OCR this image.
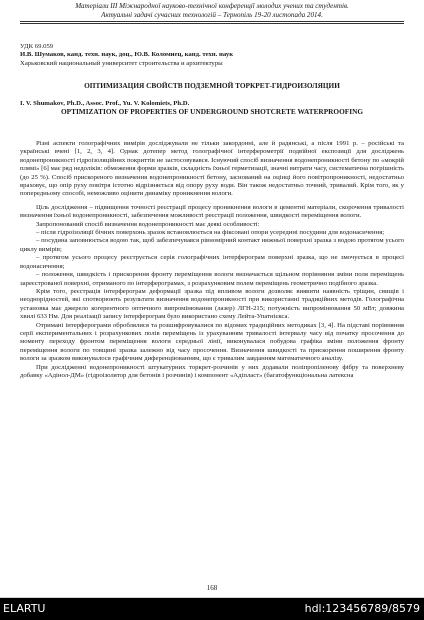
Матеріали ІІІ Міжнародної науково-технічної конференції молодих учених та студентів.
Актуальні задачі сучасних технологій – Тернопіль 19-20 листопада 2014.

УДК 69.059

И.В. Шумаков, канд. техн. наук, доц., Ю.В. Коломиец, канд. техн. наук

Харьковский национальный университет строительства и архитектуры

ОПТИМИЗАЦИЯ СВОЙСТВ ПОДЗЕМНОЙ ТОРКРЕТ-ГИДРОИЗОЛЯЦИИ

I. V. Shumakov, Ph.D., Assoc. Prof., Yu. V. Kolomiets, Ph.D.

OPTIMIZATION OF PROPERTIES OF UNDERGROUND SHOTCRETE WATERPROOFING

Різні аспекти голографічних вимірів досліджували не тільки закордонні, але й радянські, а після 1991 р. – російські та українські вчені [1, 2, 3, 4]. Однак дотепер метод голографічної інтерферометрії подвійної експозиції для досліджень водонепроникності гідроізоляційних покриттів не застосовувався. Існуючий спосіб визначення водонепроникності бетону по «мокрій плямі» [6] має ряд недоліків: обмеження форми зразків, складність їхньої герметизації, значні витрати часу, систематична погрішність (до 25 %). Спосіб прискореного визначення водонепроникності бетону, заснований на оцінці його повітропроникності, недостатньо враховує, що опір руху повітря істотно відрізняється від опору руху води. Він також недостатньо точний, тривалий. Крім того, як у попередньому способі, неможливо оцінити динаміку проникнення вологи.

Ціль дослідження – підвищення точності реєстрації процесу проникнення вологи в цементні матеріали, скорочення тривалості визначення їхньої водонепроникності, забезпечення можливості реєстрації положення, швидкості переміщення вологи.

Запропонований спосіб визначення водонепроникності має деякі особливості:

– після гідроізоляції бічних поверхонь зразок встановлюється на фіксовані опори усередині посудини для водонасичення;

– посудина заповнюється водою так, щоб забезпечувався рівномірний контакт нижньої поверхні зразка з водою протягом усього циклу вимірів;

– протягом усього процесу реєструється серія голографічних інтерферограм поверхні зразка, що не змочується в процесі водонасичення;

– положення, швидкість і прискорення фронту переміщення вологи визначається щільном порівняння зміни поля переміщень зареєстрованої поверхні, отриманого по інтерферограмах, з розрахунковим полем переміщень геометрично подібного зразка.

Крім того, реєстрація інтерферограм деформації зразка під впливом вологи дозволяє виявити наявність тріщин, свищів і неоднорідностей, які спотворюють результати визначення водонепроникності при використанні традиційних методів. Голографічна установка має джерело когерентного оптичного випромінювання (лазер) ЛГН-215; потужність випромінювання 50 мВт; довжина хвилі 633 Нм. Для реалізації запису інтерферограм було використано схему Лейта-Упатнієкса.

Отримані інтерферограми оброблялися та розшифровувалися по відомих традиційних методиках [3, 4]. На підставі порівняння серії експериментальних і розрахункових полів переміщень із урахуванням тривалості інтервалу часу від початку просочення до моменту переходу фронтом переміщення вологи середньої лінії, виконувалася побудова графіка зміни положення фронту переміщення вологи по товщині зразка залежно від часу просочення. Визначення швидкості та прискорення поширення фронту вологи за зразком виконувалося графічним диференціюванням, що є тривалим завданням математичного аналізу.

При дослідженні водонепроникності штукатурних торкрет-розчинів у них додавали поліпропіленову фібру та поверхневу добавку «Адінол-ДМ» (гідроізолятор для бетонів і розчинів) і компонент «Адіпласт» (багатофункціональна латексна

168
ELARTU	hdl:123456789/8579
